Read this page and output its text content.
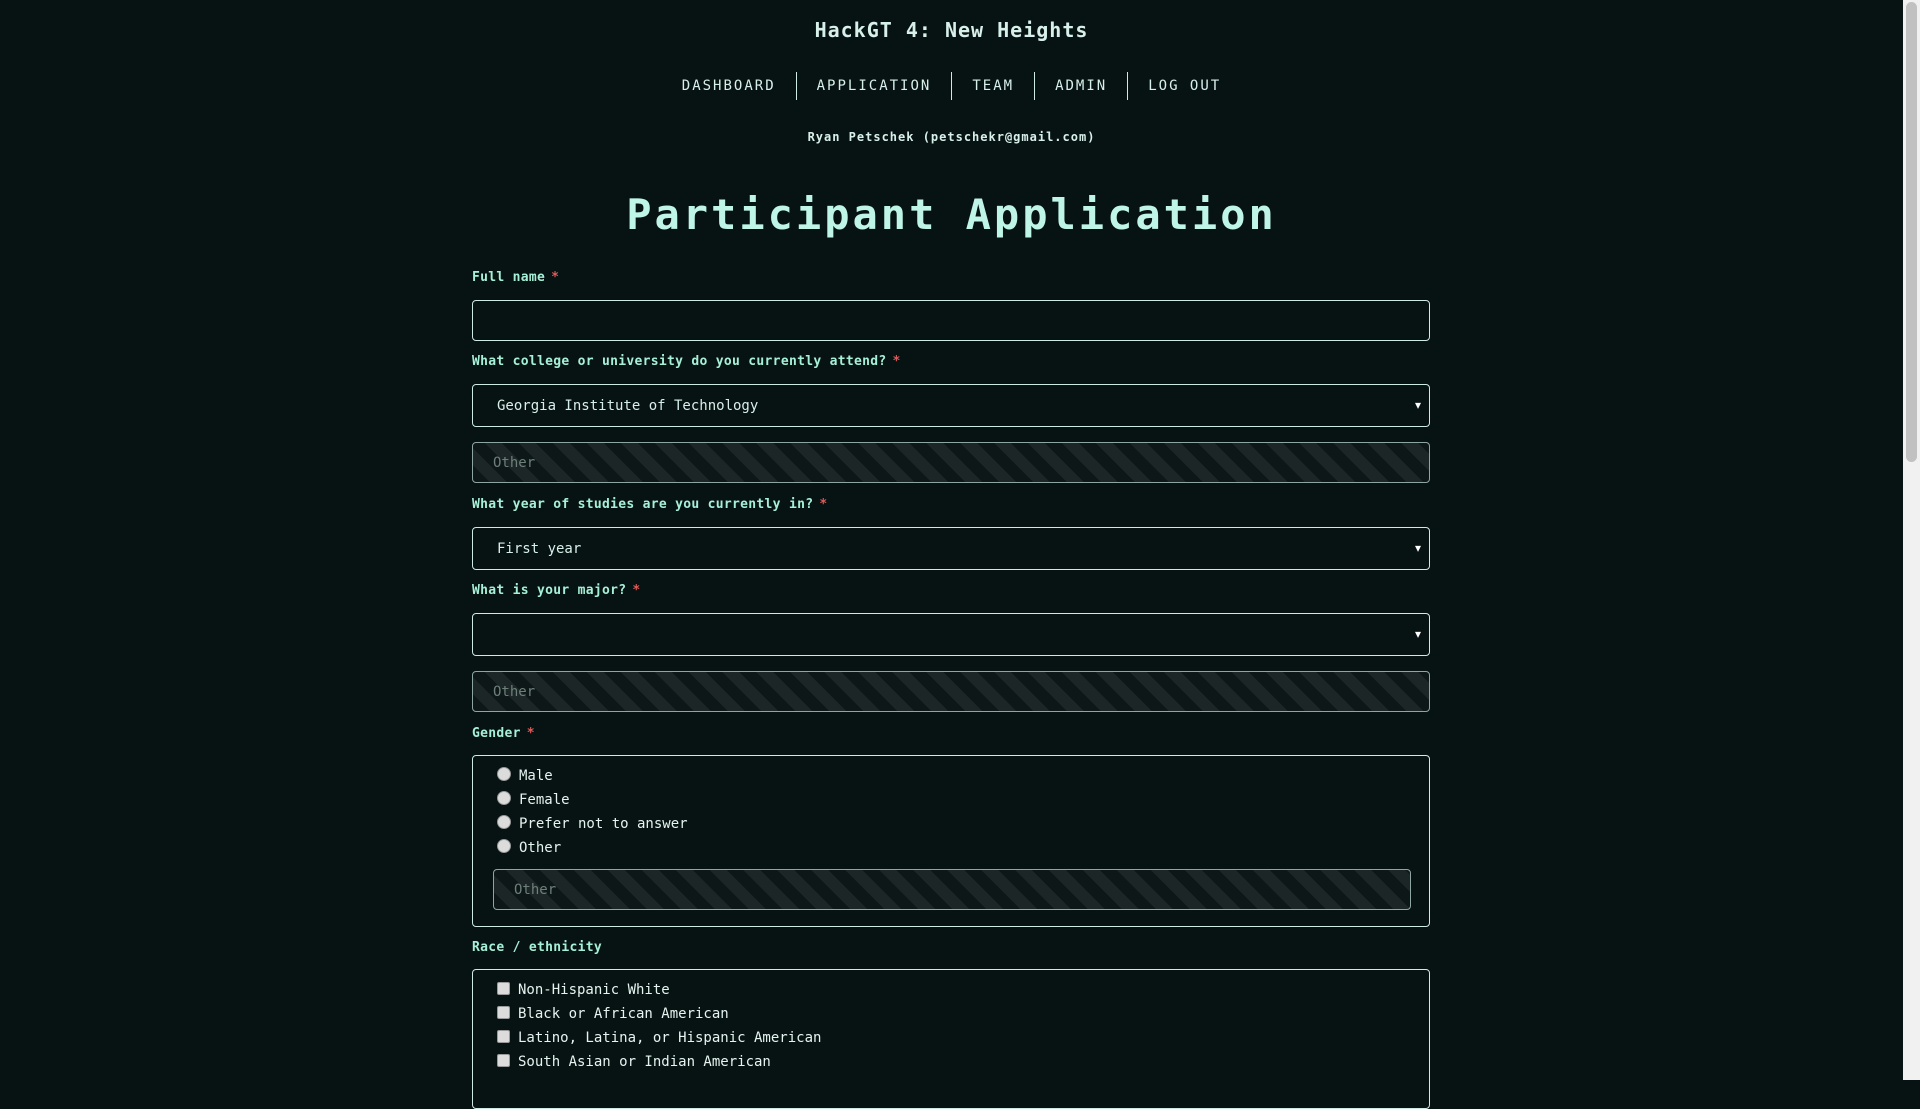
HackGT 4: New Heights
DASHBOARD	APPLICATION	TEAM	ADMIN	LOG OUT
Ryan Petschek (petschekr@gmail.com)
Participant Application
Full name *
What college or university do you currently attend? *
Georgia Institute of Technology	▼
Other
What year of studies are you currently in? *
First year	▼
What is your major? *
▼
Other
Gender *
Male
Female
Prefer not to answer
Other
Other
Race / ethnicity
Non-Hispanic White
Black or African American
Latino, Latina, or Hispanic American
South Asian or Indian American
